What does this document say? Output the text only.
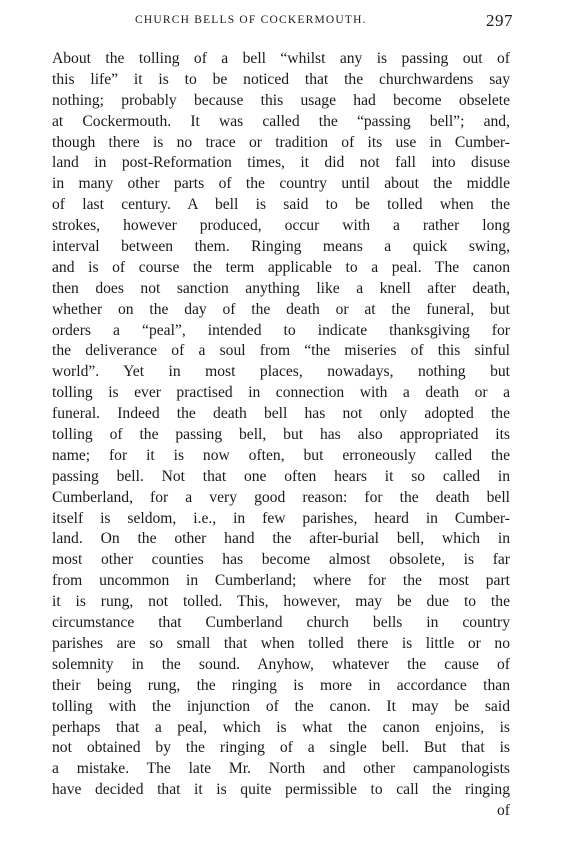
CHURCH BELLS OF COCKERMOUTH.	297
About the tolling of a bell “whilst any is passing out of
this life” it is to be noticed that the churchwardens say
nothing; probably because this usage had become obselete
at Cockermouth. It was called the “passing bell”; and,
though there is no trace or tradition of its use in Cumber-
land in post-Reformation times, it did not fall into disuse
in many other parts of the country until about the middle
of last century. A bell is said to be tolled when the
strokes, however produced, occur with a rather long
interval between them. Ringing means a quick swing,
and is of course the term applicable to a peal. The canon
then does not sanction anything like a knell after death,
whether on the day of the death or at the funeral, but
orders a “peal”, intended to indicate thanksgiving for
the deliverance of a soul from “the miseries of this sinful
world”. Yet in most places, nowadays, nothing but
tolling is ever practised in connection with a death or a
funeral. Indeed the death bell has not only adopted the
tolling of the passing bell, but has also appropriated its
name; for it is now often, but erroneously called the
passing bell. Not that one often hears it so called in
Cumberland, for a very good reason: for the death bell
itself is seldom, i.e., in few parishes, heard in Cumber-
land. On the other hand the after-burial bell, which in
most other counties has become almost obsolete, is far
from uncommon in Cumberland; where for the most part
it is rung, not tolled. This, however, may be due to the
circumstance that Cumberland church bells in country
parishes are so small that when tolled there is little or no
solemnity in the sound. Anyhow, whatever the cause of
their being rung, the ringing is more in accordance than
tolling with the injunction of the canon. It may be said
perhaps that a peal, which is what the canon enjoins, is
not obtained by the ringing of a single bell. But that is
a mistake. The late Mr. North and other campanologists
have decided that it is quite permissible to call the ringing
of
